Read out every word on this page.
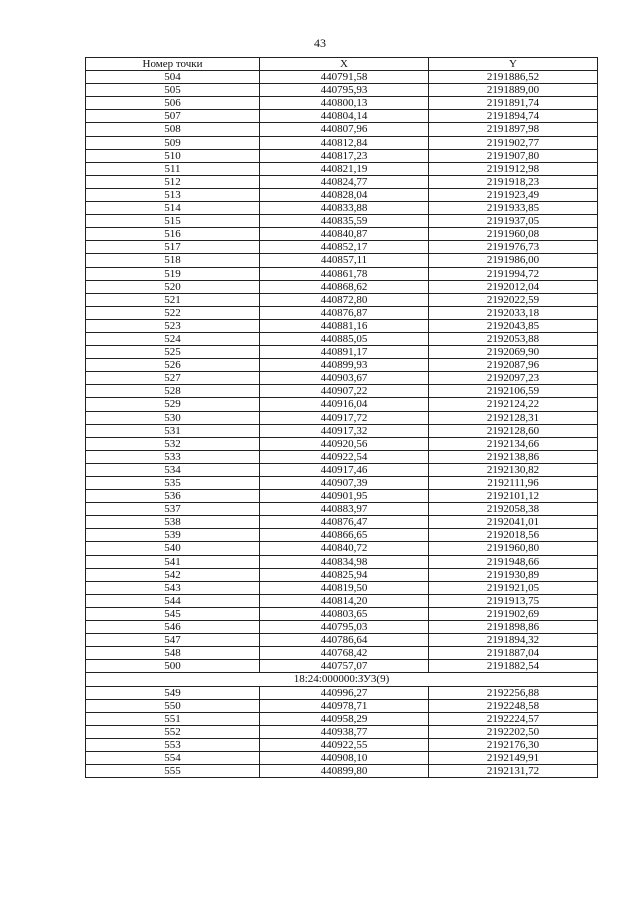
43
Номер точки	X	Y
504	440791,58	2191886,52
505	440795,93	2191889,00
506	440800,13	2191891,74
507	440804,14	2191894,74
508	440807,96	2191897,98
509	440812,84	2191902,77
510	440817,23	2191907,80
511	440821,19	2191912,98
512	440824,77	2191918,23
513	440828,04	2191923,49
514	440833,88	2191933,85
515	440835,59	2191937,05
516	440840,87	2191960,08
517	440852,17	2191976,73
518	440857,11	2191986,00
519	440861,78	2191994,72
520	440868,62	2192012,04
521	440872,80	2192022,59
522	440876,87	2192033,18
523	440881,16	2192043,85
524	440885,05	2192053,88
525	440891,17	2192069,90
526	440899,93	2192087,96
527	440903,67	2192097,23
528	440907,22	2192106,59
529	440916,04	2192124,22
530	440917,72	2192128,31
531	440917,32	2192128,60
532	440920,56	2192134,66
533	440922,54	2192138,86
534	440917,46	2192130,82
535	440907,39	2192111,96
536	440901,95	2192101,12
537	440883,97	2192058,38
538	440876,47	2192041,01
539	440866,65	2192018,56
540	440840,72	2191960,80
541	440834,98	2191948,66
542	440825,94	2191930,89
543	440819,50	2191921,05
544	440814,20	2191913,75
545	440803,65	2191902,69
546	440795,03	2191898,86
547	440786,64	2191894,32
548	440768,42	2191887,04
500	440757,07	2191882,54
18:24:000000:ЗУ3(9)		
549	440996,27	2192256,88
550	440978,71	2192248,58
551	440958,29	2192224,57
552	440938,77	2192202,50
553	440922,55	2192176,30
554	440908,10	2192149,91
555	440899,80	2192131,72
